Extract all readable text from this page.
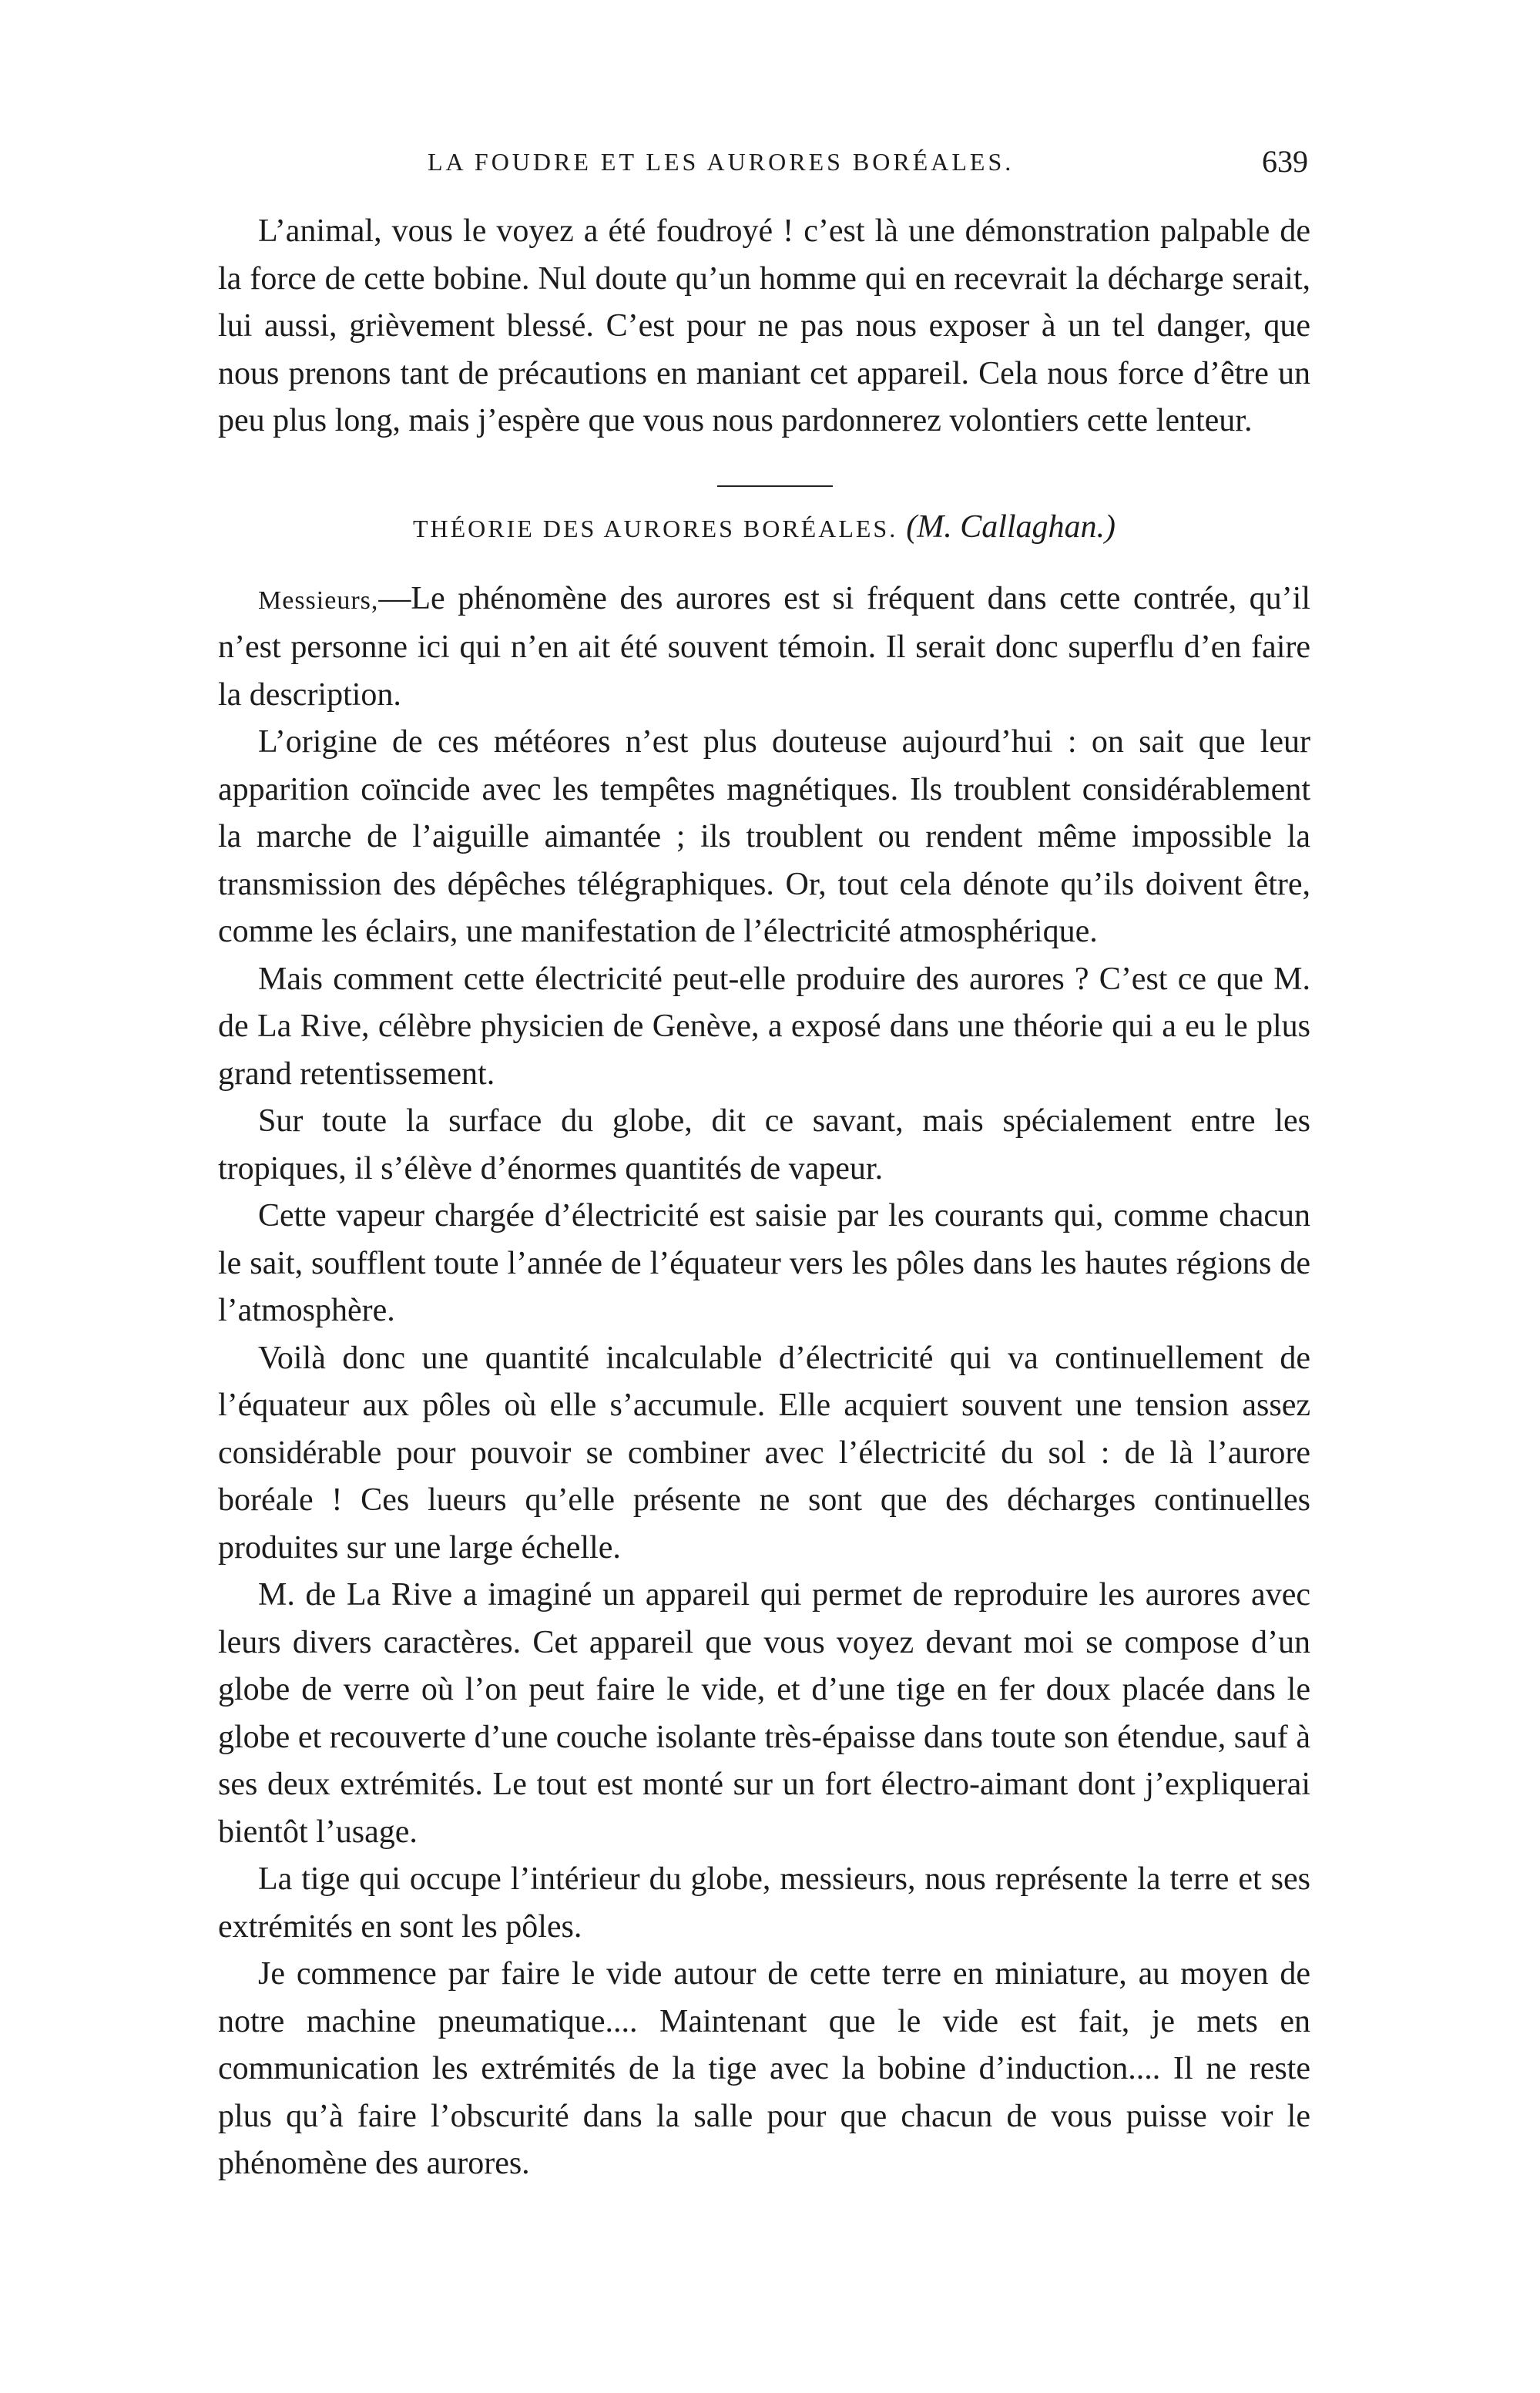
LA FOUDRE ET LES AURORES BORÉALES.	639

L’animal, vous le voyez a été foudroyé ! c’est là une démonstration palpable de la force de cette bobine. Nul doute qu’un homme qui en recevrait la décharge serait, lui aussi, grièvement blessé. C’est pour ne pas nous exposer à un tel danger, que nous prenons tant de précautions en maniant cet appareil. Cela nous force d’être un peu plus long, mais j’espère que vous nous pardonnerez volontiers cette lenteur.

THÉORIE DES AURORES BORÉALES. (M. Callaghan.)

Messieurs,—Le phénomène des aurores est si fréquent dans cette contrée, qu’il n’est personne ici qui n’en ait été souvent témoin. Il serait donc superflu d’en faire la description.

L’origine de ces météores n’est plus douteuse aujourd’hui : on sait que leur apparition coïncide avec les tempêtes magnétiques. Ils troublent considérablement la marche de l’aiguille aimantée ; ils troublent ou rendent même impossible la transmission des dépêches télégraphiques. Or, tout cela dénote qu’ils doivent être, comme les éclairs, une manifestation de l’électricité atmosphérique.

Mais comment cette électricité peut-elle produire des aurores ? C’est ce que M. de La Rive, célèbre physicien de Genève, a exposé dans une théorie qui a eu le plus grand retentissement.

Sur toute la surface du globe, dit ce savant, mais spécialement entre les tropiques, il s’élève d’énormes quantités de vapeur.

Cette vapeur chargée d’électricité est saisie par les courants qui, comme chacun le sait, soufflent toute l’année de l’équateur vers les pôles dans les hautes régions de l’atmosphère.

Voilà donc une quantité incalculable d’électricité qui va continuellement de l’équateur aux pôles où elle s’accumule. Elle acquiert souvent une tension assez considérable pour pouvoir se combiner avec l’électricité du sol : de là l’aurore boréale ! Ces lueurs qu’elle présente ne sont que des décharges continuelles produites sur une large échelle.

M. de La Rive a imaginé un appareil qui permet de reproduire les aurores avec leurs divers caractères. Cet appareil que vous voyez devant moi se compose d’un globe de verre où l’on peut faire le vide, et d’une tige en fer doux placée dans le globe et recouverte d’une couche isolante très-épaisse dans toute son étendue, sauf à ses deux extrémités. Le tout est monté sur un fort électro-aimant dont j’expliquerai bientôt l’usage.

La tige qui occupe l’intérieur du globe, messieurs, nous représente la terre et ses extrémités en sont les pôles.

Je commence par faire le vide autour de cette terre en miniature, au moyen de notre machine pneumatique.... Maintenant que le vide est fait, je mets en communication les extrémités de la tige avec la bobine d’induction.... Il ne reste plus qu’à faire l’obscurité dans la salle pour que chacun de vous puisse voir le phénomène des aurores.
